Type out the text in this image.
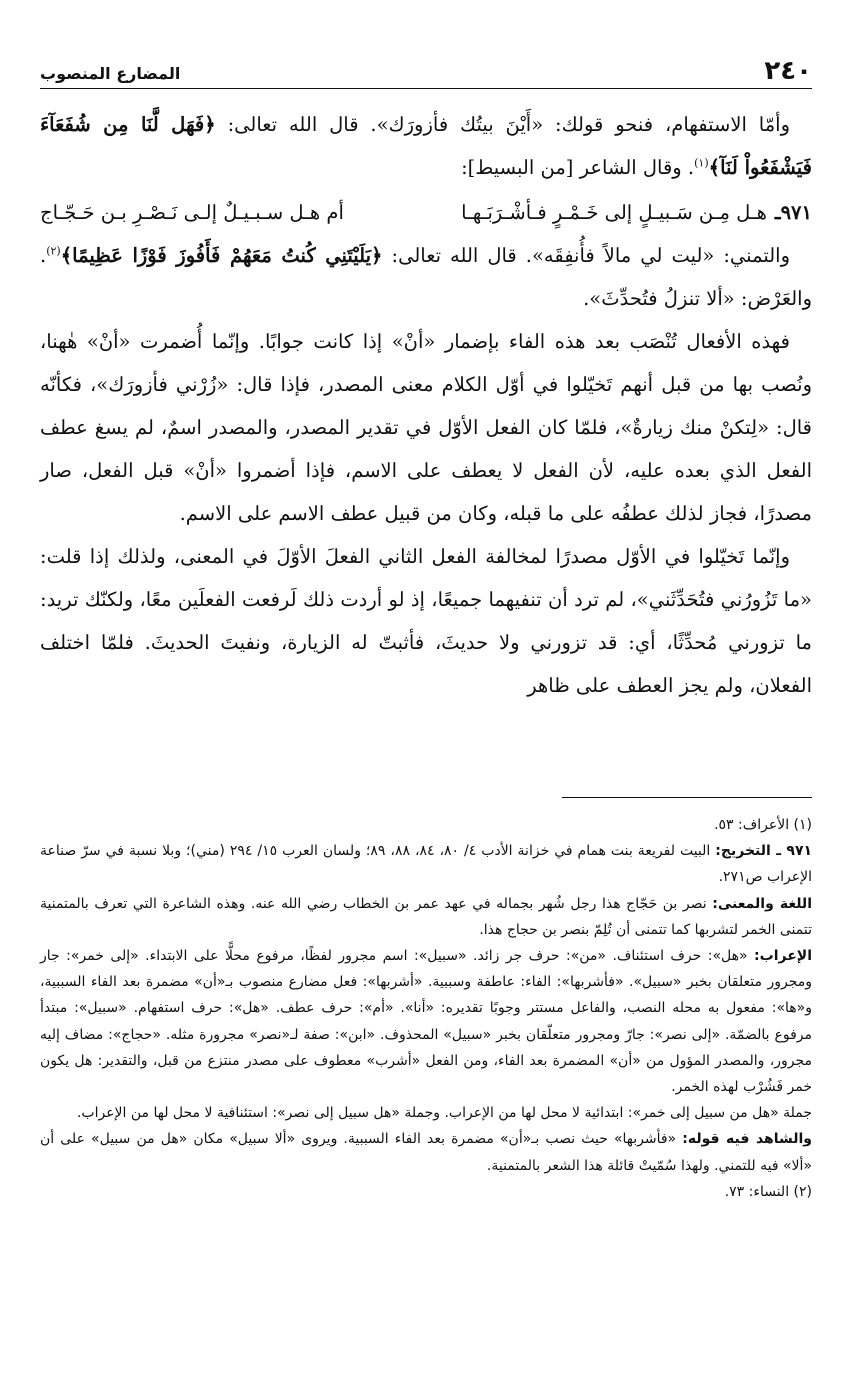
٢٤٠
المضارع المنصوب

وأمّا الاستفهام، فنحو قولك: «أَيْنَ بيتُك فأزورَك». قال الله تعالى: ﴿فَهَل لَّنَا مِن شُفَعَآءَ فَيَشْفَعُواْ لَنَآ﴾$^{(١)}$. وقال الشاعر [من البسيط]:

٩٧١ـ
هـل مِـن سَـبيـلٍ إلى خَـمْـرٍ فـأشْـرَبَـهـا
أم هـل سـبـيـلٌ إلـى نَـصْـرِ بـن حَـجّـاج

والتمني: «ليت لي مالاً فأُنفِقَه». قال الله تعالى: ﴿يَلَيْتَنِي كُنتُ مَعَهُمْ فَأَفُوزَ فَوْزًا عَظِيمًا﴾$^{(٢)}$. والعَرْض: «ألا تنزلُ فتُحدِّثَ».

فهذه الأفعال تُنْصَب بعد هذه الفاء بإضمار «أنْ» إذا كانت جوابًا. وإنّما أُضمرت «أنْ» هٰهنا، ونُصب بها من قبل أنهم تَخيّلوا في أوّل الكلام معنى المصدر، فإذا قال: «زُرْني فأزورَك»، فكأنّه قال: «لِتكنْ منك زيارةٌ»، فلمّا كان الفعل الأوّل في تقدير المصدر، والمصدر اسمٌ، لم يسغ عطف الفعل الذي بعده عليه، لأن الفعل لا يعطف على الاسم، فإذا أضمروا «أنْ» قبل الفعل، صار مصدرًا، فجاز لذلك عطفُه على ما قبله، وكان من قبيل عطف الاسم على الاسم.

وإنّما تَخيّلوا في الأوّل مصدرًا لمخالفة الفعل الثاني الفعلَ الأوّلَ في المعنى، ولذلك إذا قلت: «ما تَزُورُني فتُحَدِّثَني»، لم ترد أن تنفيهما جميعًا، إذ لو أردت ذلك لَرفعت الفعلَين معًا، ولكنّك تريد: ما تزورني مُحدِّثًا، أي: قد تزورني ولا حديثَ، فأثبتّ له الزيارة، ونفيتَ الحديثَ. فلمّا اختلف الفعلان، ولم يجز العطف على ظاهر

(١) الأعراف: ٥٣.

٩٧١ ـ التخريج: البيت لفريعة بنت همام في خزانة الأدب ٤/ ٨٠، ٨٤، ٨٨، ٨٩؛ ولسان العرب ١٥/ ٢٩٤ (مني)؛ وبلا نسبة في سرّ صناعة الإعراب ص٢٧١.

اللغة والمعنى: نصر بن حَجّاج هذا رجل شُهر بجماله في عهد عمر بن الخطاب رضي الله عنه. وهذه الشاعرة التي تعرف بالمتمنية تتمنى الخمر لتشربها كما تتمنى أن تُلِمّ بنصر بن حجاج هذا.

الإعراب: «هل»: حرف استئناف. «من»: حرف جر زائد. «سبيل»: اسم مجرور لفظًا، مرفوع محلًّا على الابتداء. «إلى خمر»: جار ومجرور متعلقان بخبر «سبيل». «فأشربها»: الفاء: عاطفة وسببية. «أشربها»: فعل مضارع منصوب بـ«أن» مضمرة بعد الفاء السببية، و«ها»: مفعول به محله النصب، والفاعل مستتر وجوبًا تقديره: «أنا». «أم»: حرف عطف. «هل»: حرف استفهام. «سبيل»: مبتدأ مرفوع بالضمّة. «إلى نصر»: جارّ ومجرور متعلّقان بخبر «سبيل» المحذوف. «ابن»: صفة لـ«نصر» مجرورة مثله. «حجاج»: مضاف إليه مجرور، والمصدر المؤول من «أن» المضمرة بعد الفاء، ومن الفعل «أشرب» معطوف على مصدر منتزع من قبل، والتقدير: هل يكون خمر فَشُرْب لهذه الخمر.

جملة «هل من سبيل إلى خمر»: ابتدائية لا محل لها من الإعراب. وجملة «هل سبيل إلى نصر»: استئنافية لا محل لها من الإعراب.

والشاهد فيه قوله: «فأشربها» حيث نصب بـ«أن» مضمرة بعد الفاء السببية. ويروى «ألا سبيل» مكان «هل من سبيل» على أن «ألا» فيه للتمني. ولهذا سُمّيتْ قائلة هذا الشعر بالمتمنية.

(٢) النساء: ٧٣.
